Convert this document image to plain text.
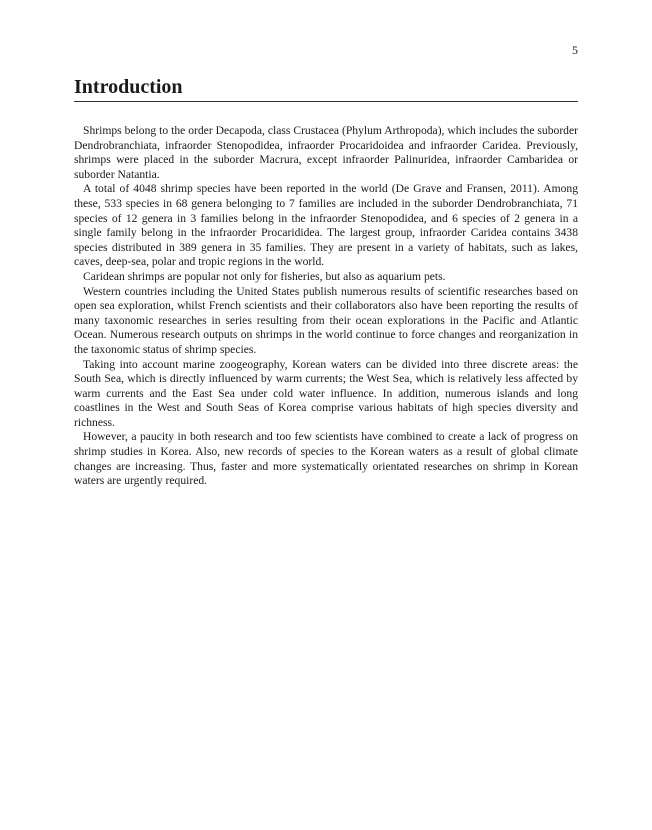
5
Introduction

Shrimps belong to the order Decapoda, class Crustacea (Phylum Arthropoda), which includes the suborder Dendrobranchiata, infraorder Stenopodidea, infraorder Procaridoidea and infraorder Caridea. Previously, shrimps were placed in the suborder Macrura, except infraorder Palinuridea, infraorder Cambaridea or suborder Natantia.

A total of 4048 shrimp species have been reported in the world (De Grave and Fransen, 2011). Among these, 533 species in 68 genera belonging to 7 families are included in the suborder Dendrobranchiata, 71 species of 12 genera in 3 families belong in the infraorder Stenopodidea, and 6 species of 2 genera in a single family belong in the infraorder Procarididea. The largest group, infraorder Caridea contains 3438 species distributed in 389 genera in 35 families. They are present in a variety of habitats, such as lakes, caves, deep-sea, polar and tropic regions in the world.

Caridean shrimps are popular not only for fisheries, but also as aquarium pets.

Western countries including the United States publish numerous results of scientific researches based on open sea exploration, whilst French scientists and their collaborators also have been reporting the results of many taxonomic researches in series resulting from their ocean explorations in the Pacific and Atlantic Ocean. Numerous research outputs on shrimps in the world continue to force changes and reorganization in the taxonomic status of shrimp species.

Taking into account marine zoogeography, Korean waters can be divided into three discrete areas: the South Sea, which is directly influenced by warm currents; the West Sea, which is relatively less affected by warm currents and the East Sea under cold water influence. In addition, numerous islands and long coastlines in the West and South Seas of Korea comprise various habitats of high species diversity and richness.

However, a paucity in both research and too few scientists have combined to create a lack of progress on shrimp studies in Korea. Also, new records of species to the Korean waters as a result of global climate changes are increasing. Thus, faster and more systematically orientated researches on shrimp in Korean waters are urgently required.
